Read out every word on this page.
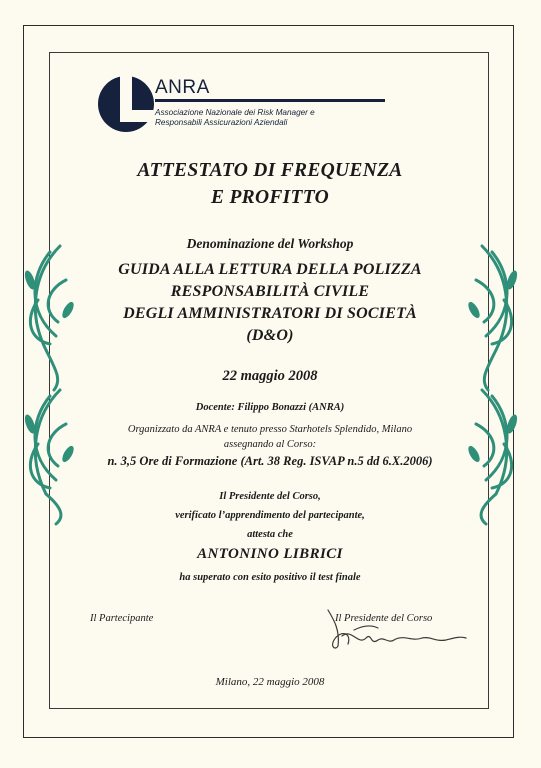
ANRA
Associazione Nazionale dei Risk Manager e
Responsabili Assicurazioni Aziendali
ATTESTATO DI FREQUENZA
E PROFITTO
Denominazione del Workshop
GUIDA ALLA LETTURA DELLA POLIZZA
RESPONSABILITÀ CIVILE
DEGLI AMMINISTRATORI DI SOCIETÀ
(D&O)
22 maggio 2008
Docente: Filippo Bonazzi (ANRA)
Organizzato da ANRA e tenuto presso Starhotels Splendido, Milano
assegnando al Corso:
n. 3,5 Ore di Formazione (Art. 38 Reg. ISVAP n.5 dd 6.X.2006)
Il Presidente del Corso,
verificato l’apprendimento del partecipante,
attesta che
ANTONINO LIBRICI
ha superato con esito positivo il test finale
Il Partecipante	Il Presidente del Corso
Milano, 22 maggio 2008
